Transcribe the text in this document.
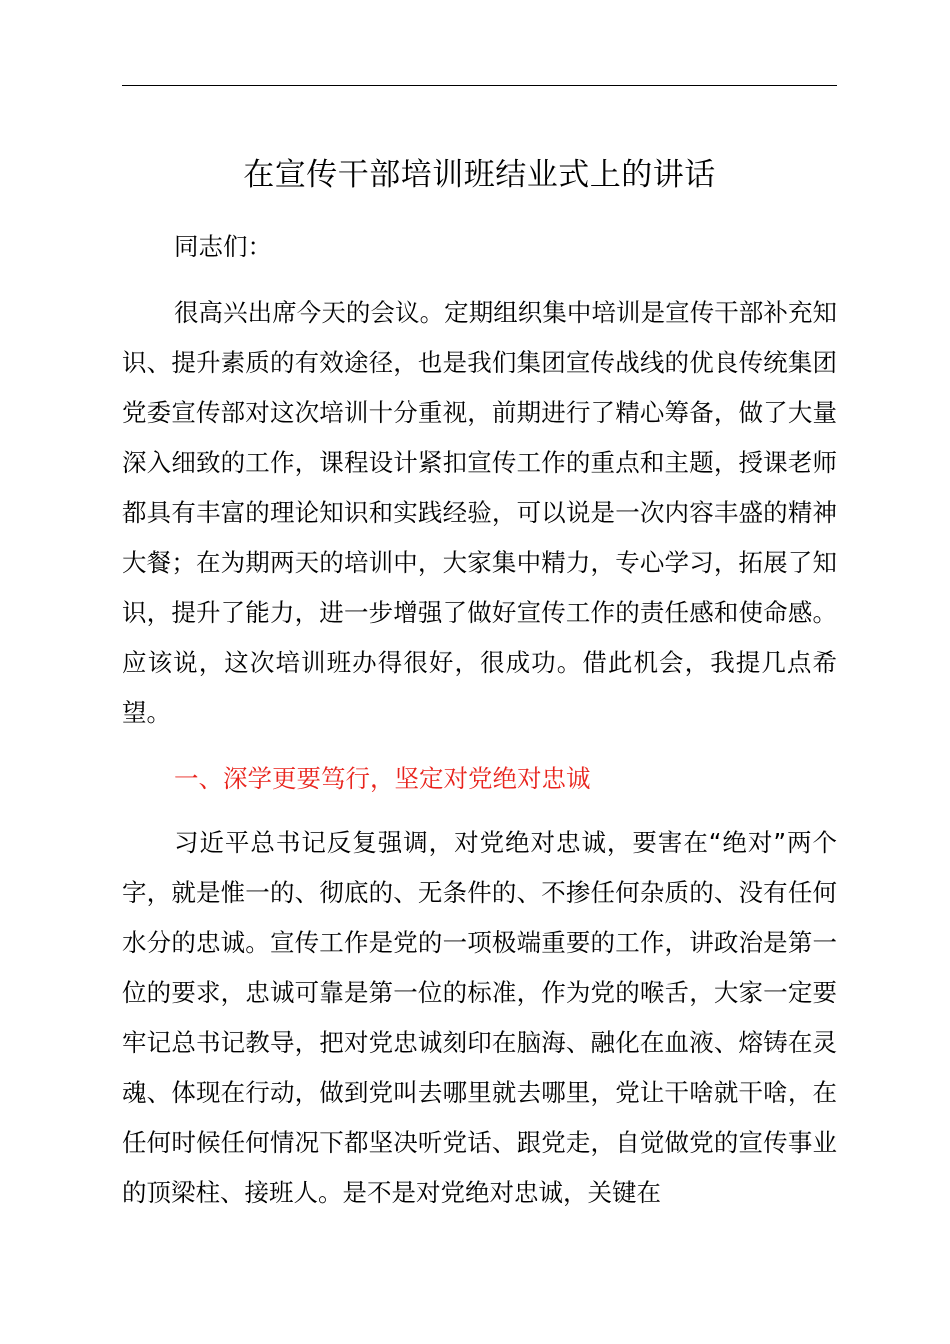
在宣传干部培训班结业式上的讲话
同志们：

很高兴出席今天的会议。定期组织集中培训是宣传干部补充知识、提升素质的有效途径，也是我们集团宣传战线的优良传统集团党委宣传部对这次培训十分重视，前期进行了精心筹备，做了大量深入细致的工作，课程设计紧扣宣传工作的重点和主题，授课老师都具有丰富的理论知识和实践经验，可以说是一次内容丰盛的精神大餐；在为期两天的培训中，大家集中精力，专心学习，拓展了知识，提升了能力，进一步增强了做好宣传工作的责任感和使命感。应该说，这次培训班办得很好，很成功。借此机会，我提几点希望。

一、深学更要笃行，坚定对党绝对忠诚

习近平总书记反复强调，对党绝对忠诚，要害在“绝对”两个字，就是惟一的、彻底的、无条件的、不掺任何杂质的、没有任何水分的忠诚。宣传工作是党的一项极端重要的工作，讲政治是第一位的要求，忠诚可靠是第一位的标准，作为党的喉舌，大家一定要牢记总书记教导，把对党忠诚刻印在脑海、融化在血液、熔铸在灵魂、体现在行动，做到党叫去哪里就去哪里，党让干啥就干啥，在任何时候任何情况下都坚决听党话、跟党走，自觉做党的宣传事业的顶梁柱、接班人。是不是对党绝对忠诚，关键在
